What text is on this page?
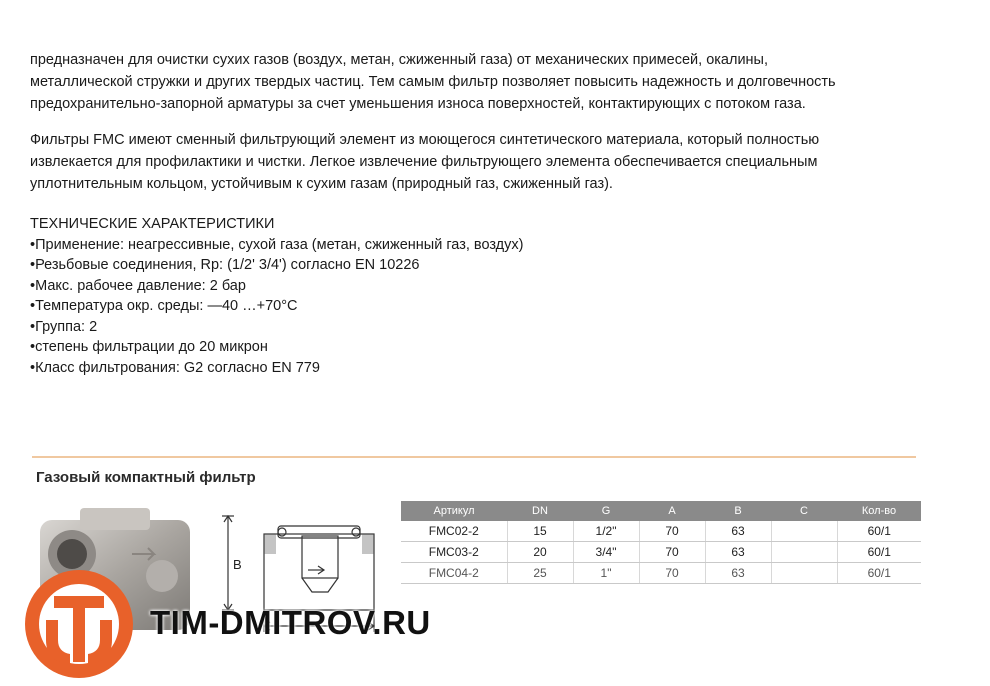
предназначен для очистки сухих газов (воздух, метан, сжиженный газа) от механических примесей, окалины,
металлической стружки и других твердых частиц. Тем самым фильтр позволяет повысить надежность и долговечность
предохранительно-запорной арматуры за счет уменьшения износа поверхностей, контактирующих с потоком газа.
Фильтры FMC имеют сменный фильтрующий элемент из моющегося синтетического материала, который полностью
извлекается для профилактики и чистки. Легкое извлечение фильтрующего элемента обеспечивается специальным
уплотнительным кольцом, устойчивым к сухим газам (природный газ, сжиженный газ).
ТЕХНИЧЕСКИЕ ХАРАКТЕРИСТИКИ
•Применение: неагрессивные, сухой газа (метан, сжиженный газ, воздух)
•Резьбовые соединения, Rp: (1/2' 3/4') согласно EN 10226
•Макс. рабочее давление: 2 бар
•Температура окр. среды: —40 …+70°C
•Группа: 2
•степень фильтрации до 20 микрон
•Класс фильтрования: G2 согласно EN 779
Газовый компактный фильтр
B
Артикул	DN	G	A	B	C	Кол-во
FMC02-2	15	1/2"	70	63		60/1
FMC03-2	20	3/4"	70	63		60/1
FMC04-2	25	1"	70	63		60/1
TIM-DMITROV.RU
